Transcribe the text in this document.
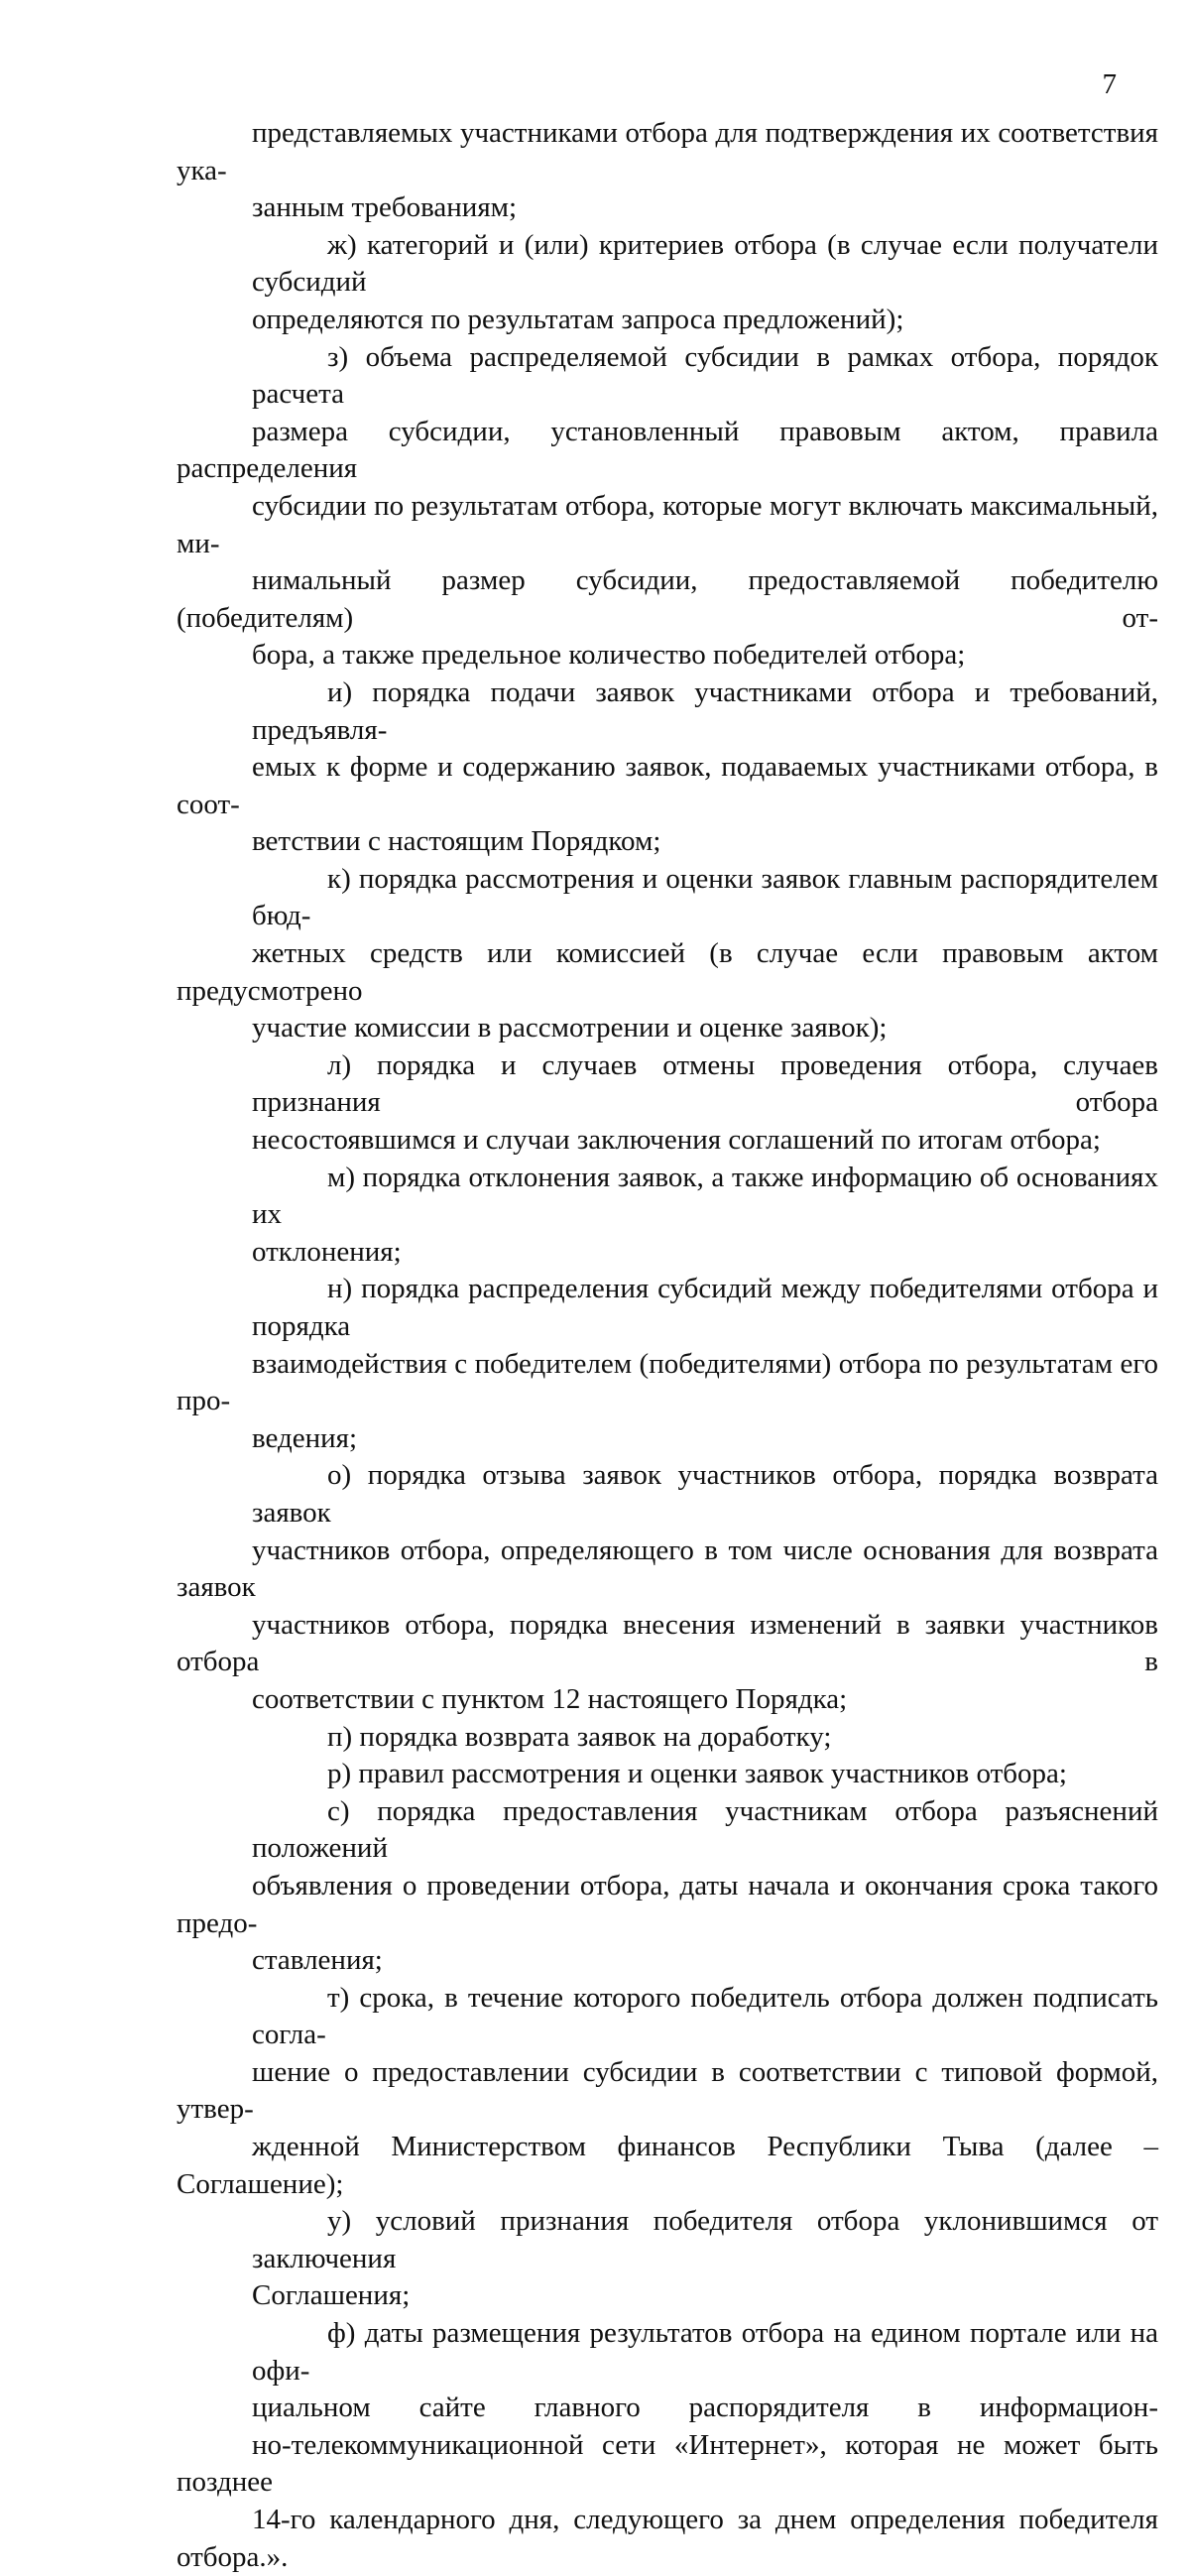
7
представляемых участниками отбора для подтверждения их соответствия ука-
занным требованиям;
ж) категорий и (или) критериев отбора (в случае если получатели субсидий
определяются по результатам запроса предложений);
з) объема распределяемой субсидии в рамках отбора, порядок расчета
размера субсидии, установленный правовым актом, правила распределения
субсидии по результатам отбора, которые могут включать максимальный, ми-
нимальный размер субсидии, предоставляемой победителю (победителям) от-
бора, а также предельное количество победителей отбора;
и) порядка подачи заявок участниками отбора и требований, предъявля-
емых к форме и содержанию заявок, подаваемых участниками отбора, в соот-
ветствии с настоящим Порядком;
к) порядка рассмотрения и оценки заявок главным распорядителем бюд-
жетных средств или комиссией (в случае если правовым актом предусмотрено
участие комиссии в рассмотрении и оценке заявок);
л) порядка и случаев отмены проведения отбора, случаев признания отбора
несостоявшимся и случаи заключения соглашений по итогам отбора;
м) порядка отклонения заявок, а также информацию об основаниях их
отклонения;
н) порядка распределения субсидий между победителями отбора и порядка
взаимодействия с победителем (победителями) отбора по результатам его про-
ведения;
о) порядка отзыва заявок участников отбора, порядка возврата заявок
участников отбора, определяющего в том числе основания для возврата заявок
участников отбора, порядка внесения изменений в заявки участников отбора в
соответствии с пунктом 12 настоящего Порядка;
п) порядка возврата заявок на доработку;
р) правил рассмотрения и оценки заявок участников отбора;
с) порядка предоставления участникам отбора разъяснений положений
объявления о проведении отбора, даты начала и окончания срока такого предо-
ставления;
т) срока, в течение которого победитель отбора должен подписать согла-
шение о предоставлении субсидии в соответствии с типовой формой, утвер-
жденной Министерством финансов Республики Тыва (далее – Соглашение);
у) условий признания победителя отбора уклонившимся от заключения
Соглашения;
ф) даты размещения результатов отбора на едином портале или на офи-
циальном сайте главного распорядителя в информацион-
но-телекоммуникационной сети «Интернет», которая не может быть позднее
14-го календарного дня, следующего за днем определения победителя отбора.».
